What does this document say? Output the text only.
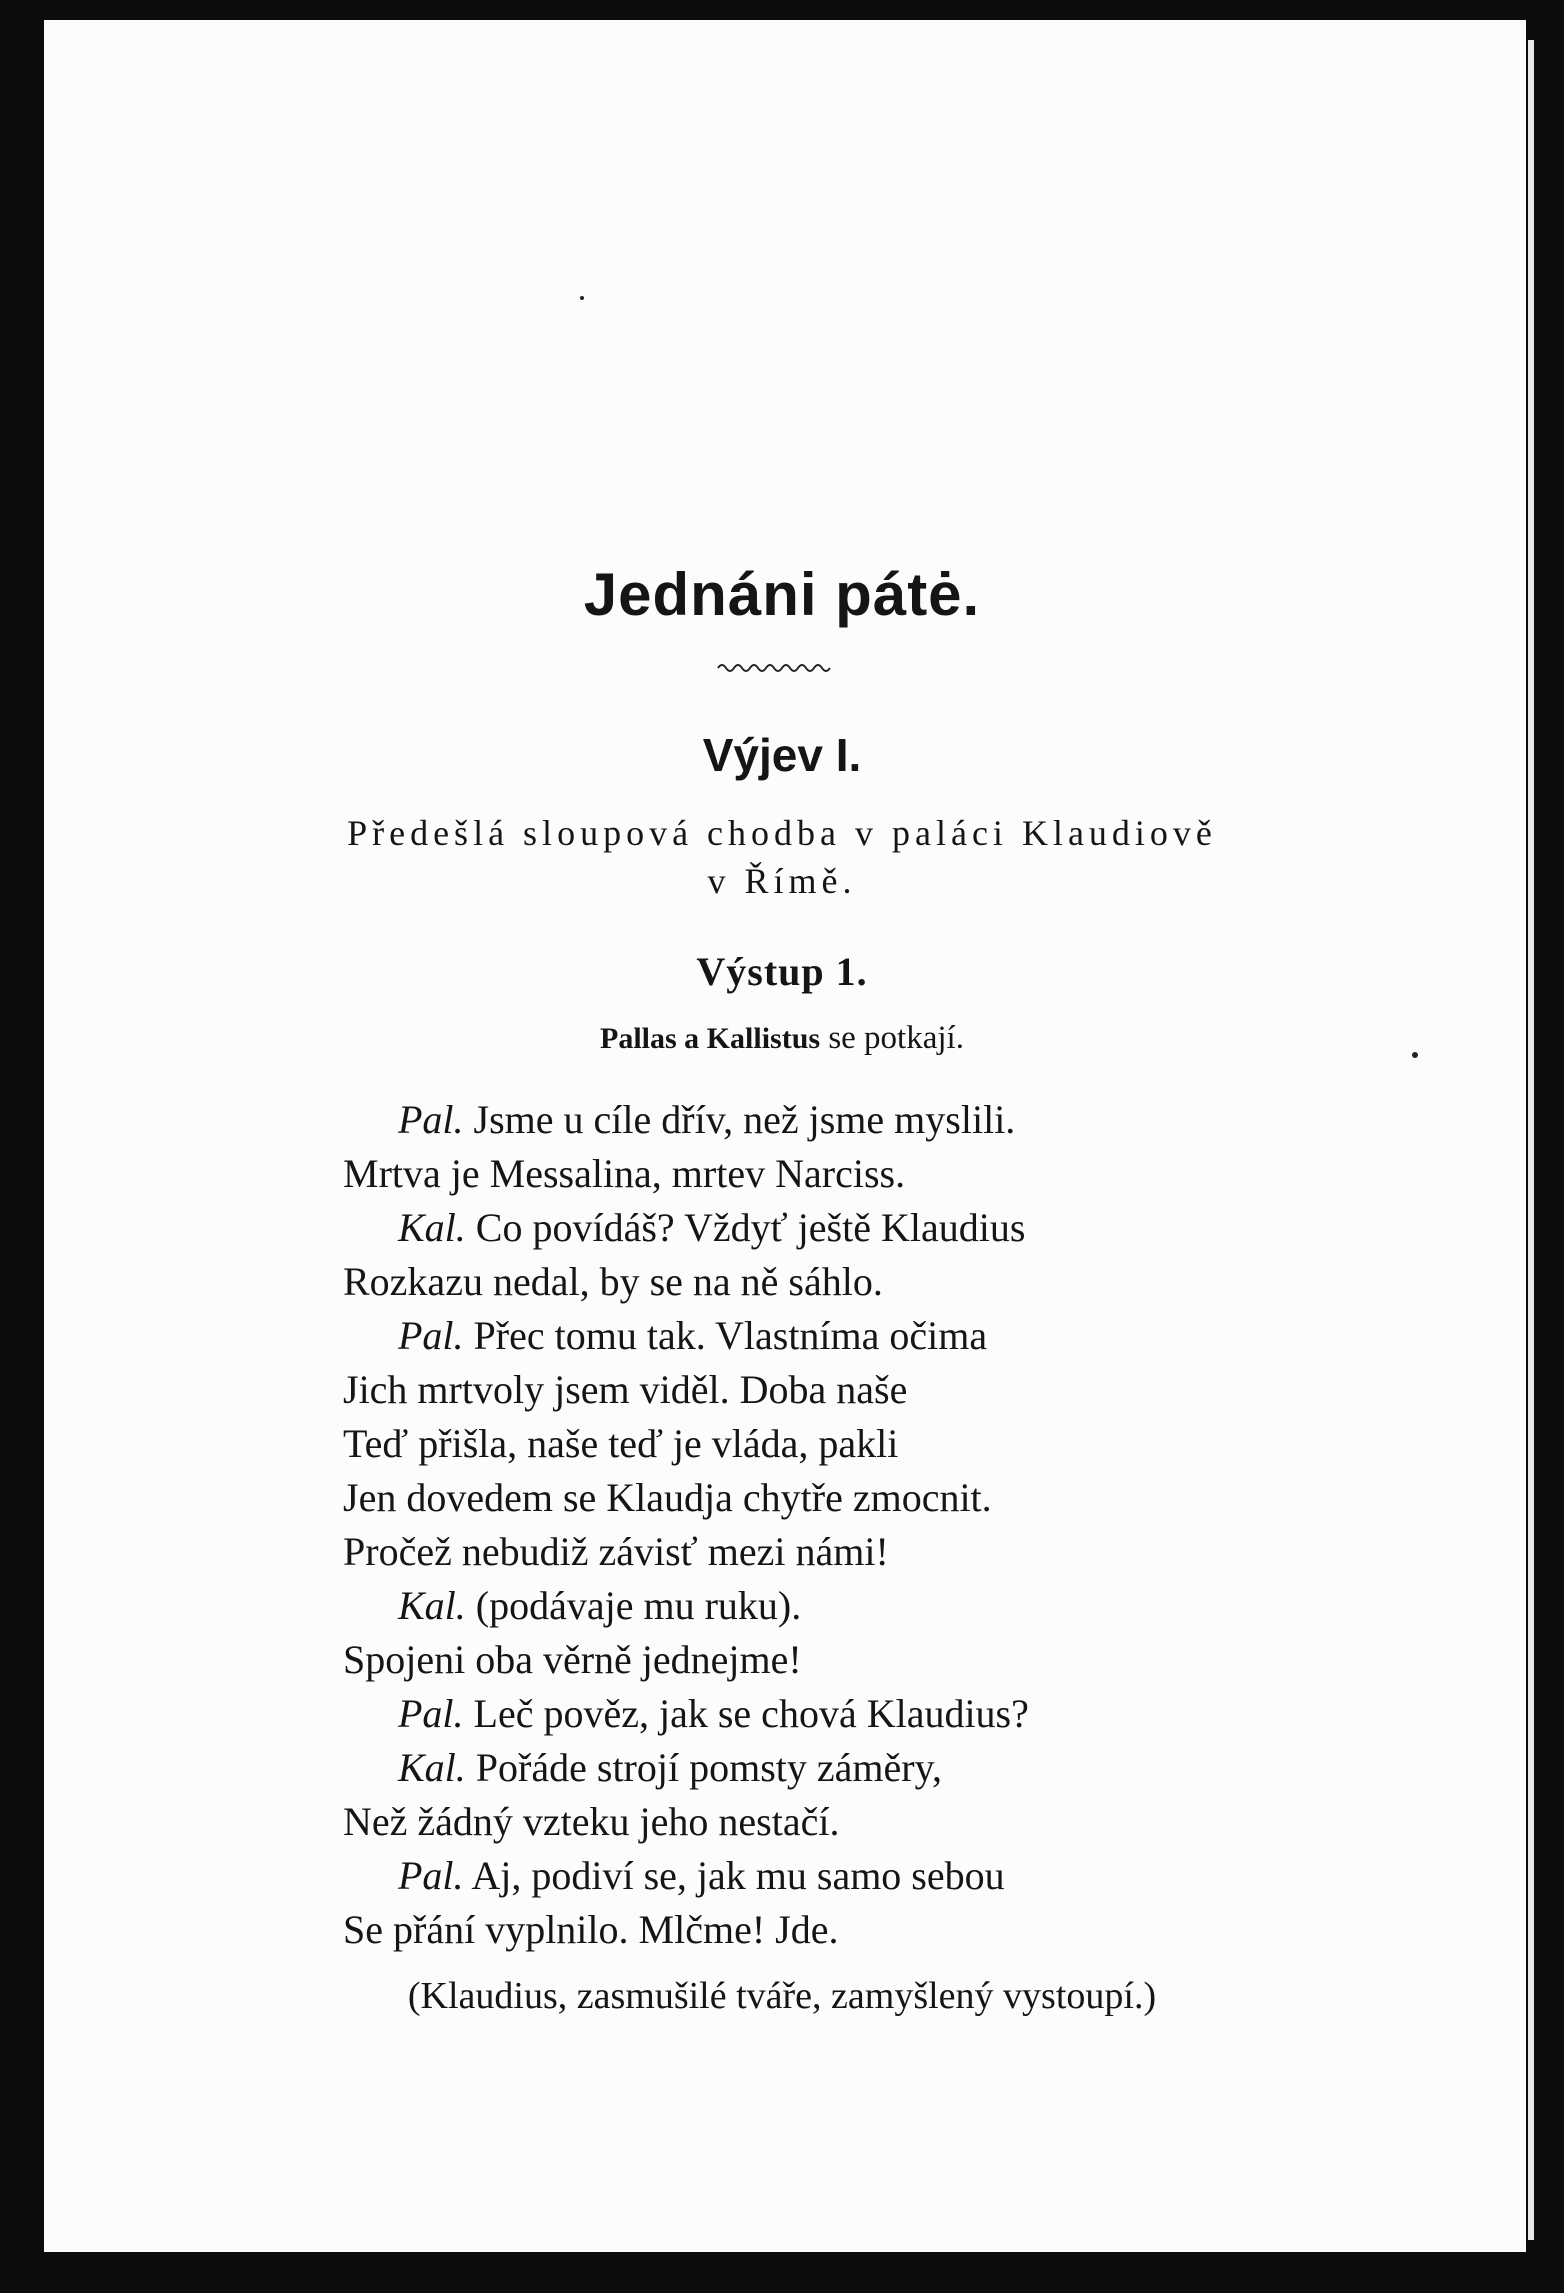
Jednáni pátė.
Výjev I.
Předešlá sloupová chodba v paláci Klaudiově
v Římě.
Výstup 1.
Pallas a Kallistus se potkají.
Pal. Jsme u cíle dřív, než jsme myslili.
Mrtva je Messalina, mrtev Narciss.
Kal. Co povídáš? Vždyť ještě Klaudius
Rozkazu nedal, by se na ně sáhlo.
Pal. Přec tomu tak. Vlastníma očima
Jich mrtvoly jsem viděl. Doba naše
Teď přišla, naše teď je vláda, pakli
Jen dovedem se Klaudja chytře zmocnit.
Pročež nebudiž závisť mezi námi!
Kal. (podávaje mu ruku).
Spojeni oba věrně jednejme!
Pal. Leč pověz, jak se chová Klaudius?
Kal. Pořáde strojí pomsty záměry,
Než žádný vzteku jeho nestačí.
Pal. Aj, podiví se, jak mu samo sebou
Se přání vyplnilo. Mlčme! Jde.
(Klaudius, zasmušilé tváře, zamyšlený vystoupí.)
